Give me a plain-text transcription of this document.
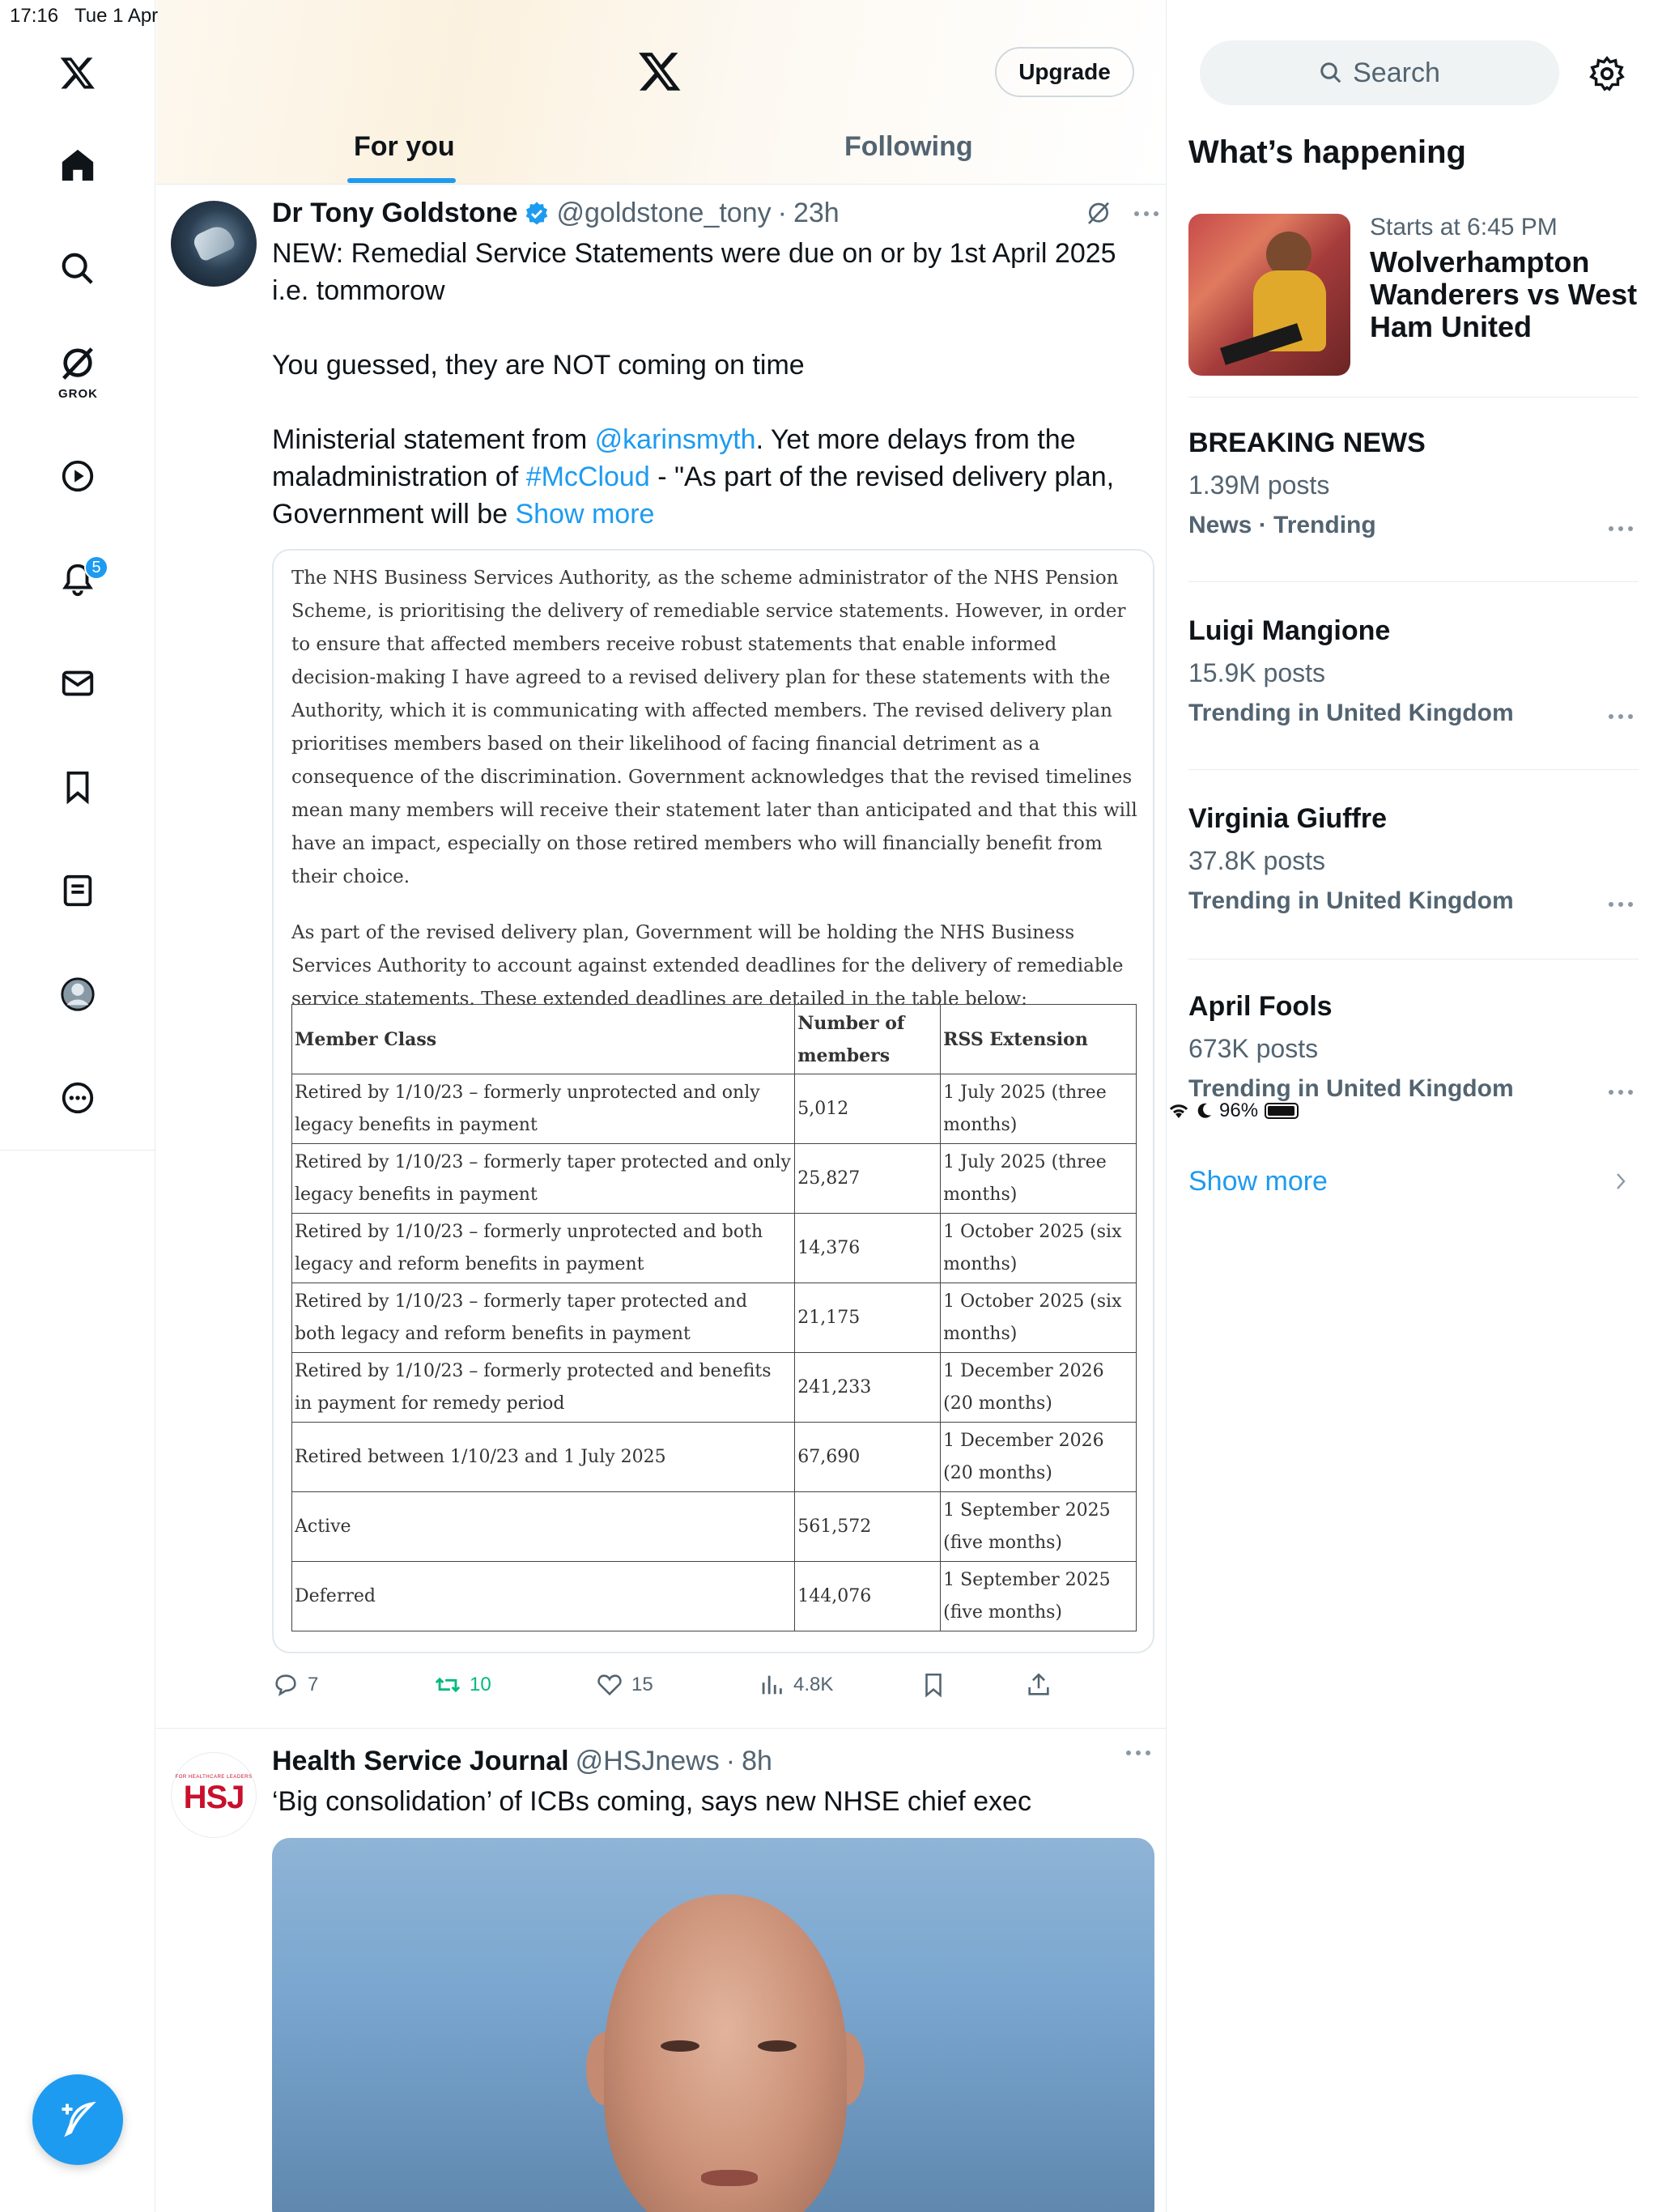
17:16 Tue 1 Apr
96%
GROK
5
Upgrade
For you	Following
Dr Tony Goldstone @goldstone_tony · 23h

NEW: Remedial Service Statements were due on or by 1st April 2025 i.e. tommorow

You guessed, they are NOT coming on time

Ministerial statement from @karinsmyth. Yet more delays from the maladministration of #McCloud - "As part of the revised delivery plan, Government will be Show more

The NHS Business Services Authority, as the scheme administrator of the NHS Pension Scheme, is prioritising the delivery of remediable service statements. However, in order to ensure that affected members receive robust statements that enable informed decision-making I have agreed to a revised delivery plan for these statements with the Authority, which it is communicating with affected members. The revised delivery plan prioritises members based on their likelihood of facing financial detriment as a consequence of the discrimination. Government acknowledges that the revised timelines mean many members will receive their statement later than anticipated and that this will have an impact, especially on those retired members who will financially benefit from their choice.

As part of the revised delivery plan, Government will be holding the NHS Business Services Authority to account against extended deadlines for the delivery of remediable service statements. These extended deadlines are detailed in the table below:

Member Class	Number of members	RSS Extension
Retired by 1/10/23 – formerly unprotected and only legacy benefits in payment	5,012	1 July 2025 (three months)
Retired by 1/10/23 – formerly taper protected and only legacy benefits in payment	25,827	1 July 2025 (three months)
Retired by 1/10/23 – formerly unprotected and both legacy and reform benefits in payment	14,376	1 October 2025 (six months)
Retired by 1/10/23 – formerly taper protected and both legacy and reform benefits in payment	21,175	1 October 2025 (six months)
Retired by 1/10/23 – formerly protected and benefits in payment for remedy period	241,233	1 December 2026 (20 months)
Retired between 1/10/23 and 1 July 2025	67,690	1 December 2026 (20 months)
Active	561,572	1 September 2025 (five months)
Deferred	144,076	1 September 2025 (five months)
7	10	15	4.8K
FOR HEALTHCARE LEADERS
HSJ
Health Service Journal @HSJnews · 8h
‘Big consolidation’ of ICBs coming, says new NHSE chief exec
Search
What’s happening
Starts at 6:45 PM
Wolverhampton Wanderers vs West Ham United
BREAKING NEWS
1.39M posts
News · Trending
Luigi Mangione
15.9K posts
Trending in United Kingdom
Virginia Giuffre
37.8K posts
Trending in United Kingdom
April Fools
673K posts
Trending in United Kingdom
Show more
